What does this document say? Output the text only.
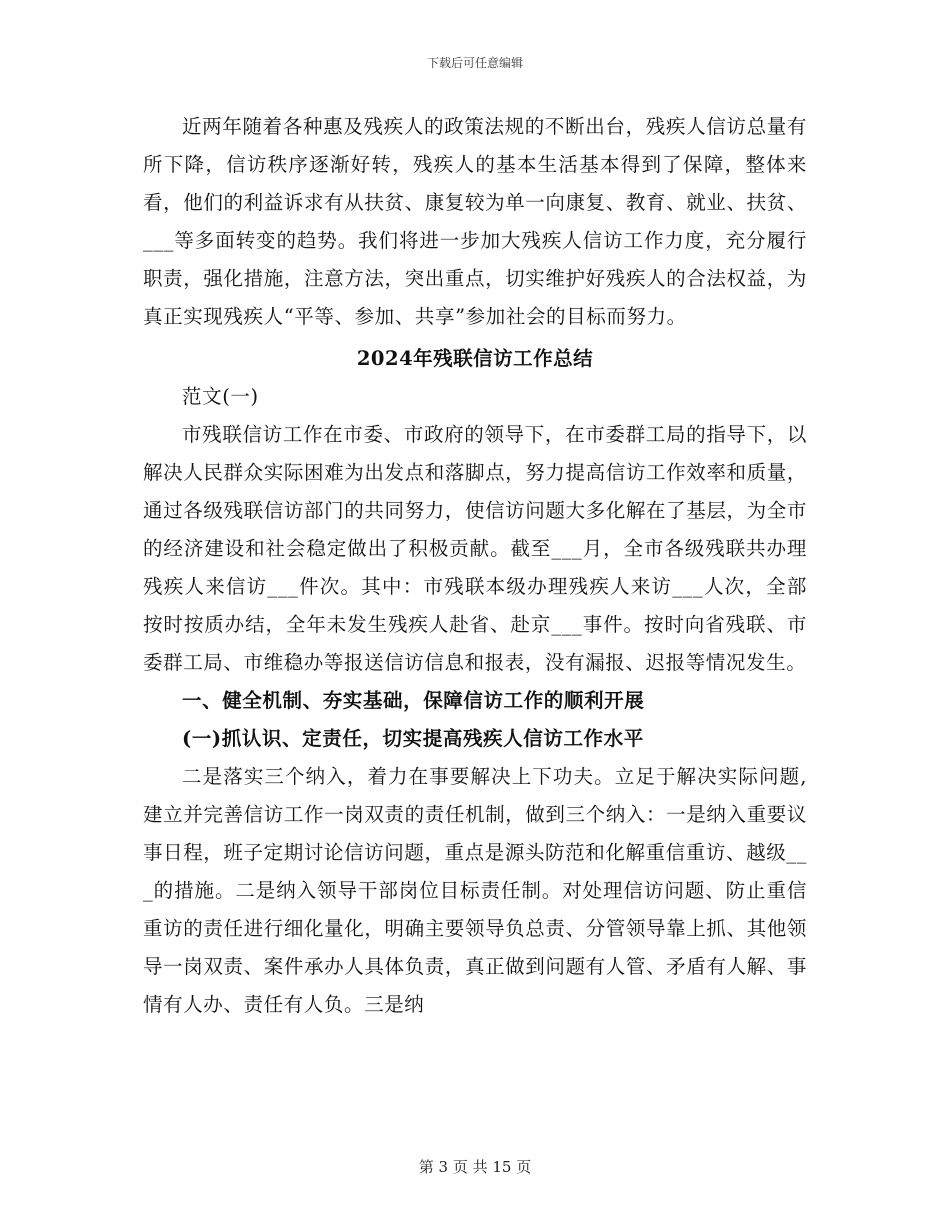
下载后可任意编辑

近两年随着各种惠及残疾人的政策法规的不断出台，残疾人信访总量有所下降，信访秩序逐渐好转，残疾人的基本生活基本得到了保障，整体来看，他们的利益诉求有从扶贫、康复较为单一向康复、教育、就业、扶贫、___等多面转变的趋势。我们将进一步加大残疾人信访工作力度，充分履行职责，强化措施，注意方法，突出重点，切实维护好残疾人的合法权益，为真正实现残疾人“平等、参加、共享”参加社会的目标而努力。

2024年残联信访工作总结

范文(一)

市残联信访工作在市委、市政府的领导下，在市委群工局的指导下，以解决人民群众实际困难为出发点和落脚点，努力提高信访工作效率和质量，通过各级残联信访部门的共同努力，使信访问题大多化解在了基层，为全市的经济建设和社会稳定做出了积极贡献。截至___月，全市各级残联共办理残疾人来信访___件次。其中：市残联本级办理残疾人来访___人次，全部按时按质办结，全年未发生残疾人赴省、赴京___事件。按时向省残联、市委群工局、市维稳办等报送信访信息和报表，没有漏报、迟报等情况发生。

一、健全机制、夯实基础，保障信访工作的顺利开展
(一)抓认识、定责任，切实提高残疾人信访工作水平

二是落实三个纳入，着力在事要解决上下功夫。立足于解决实际问题,建立并完善信访工作一岗双责的责任机制，做到三个纳入：一是纳入重要议事日程，班子定期讨论信访问题，重点是源头防范和化解重信重访、越级___的措施。二是纳入领导干部岗位目标责任制。对处理信访问题、防止重信重访的责任进行细化量化，明确主要领导负总责、分管领导靠上抓、其他领导一岗双责、案件承办人具体负责，真正做到问题有人管、矛盾有人解、事情有人办、责任有人负。三是纳

第 3 页 共 15 页
